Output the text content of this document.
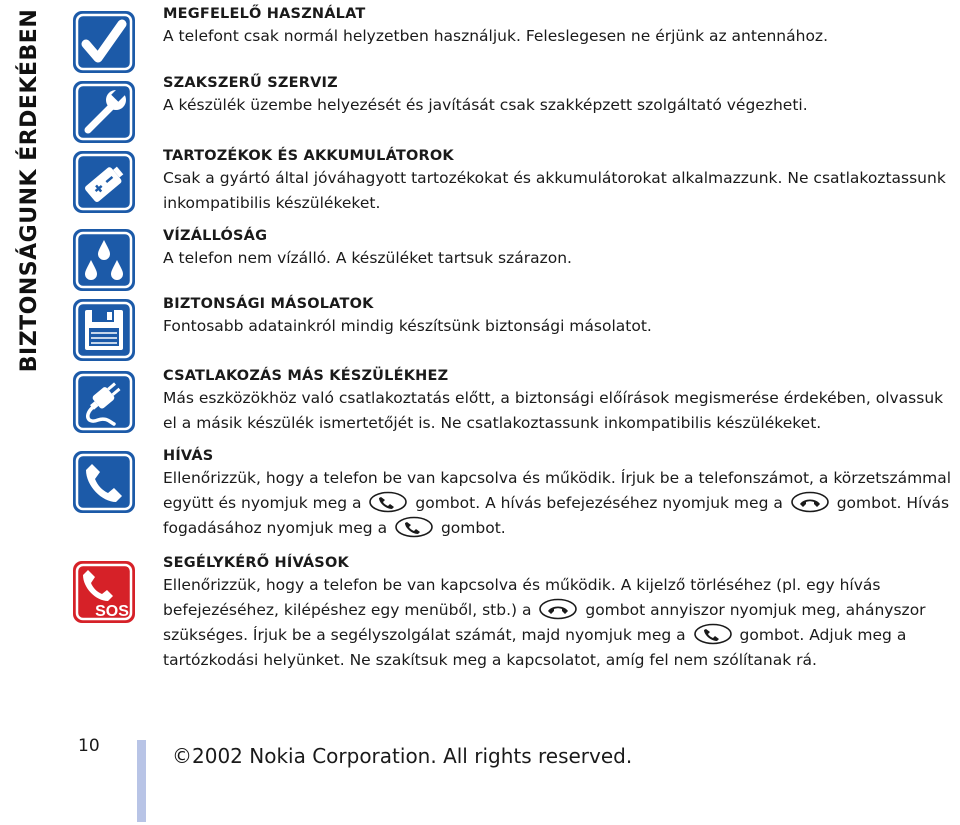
BIZTONSÁGUNK ÉRDEKÉBEN
SOS
MEGFELELŐ HASZNÁLAT

A telefont csak normál helyzetben használjuk. Feleslegesen ne érjünk az antennához.

SZAKSZERŰ SZERVIZ

A készülék üzembe helyezését és javítását csak szakképzett szolgáltató végezheti.

TARTOZÉKOK ÉS AKKUMULÁTOROK

Csak a gyártó által jóváhagyott tartozékokat és akkumulátorokat alkalmazzunk. Ne csatlakoztassunk inkompatibilis készülékeket.

VÍZÁLLÓSÁG

A telefon nem vízálló. A készüléket tartsuk szárazon.

BIZTONSÁGI MÁSOLATOK

Fontosabb adatainkról mindig készítsünk biztonsági másolatot.

CSATLAKOZÁS MÁS KÉSZÜLÉKHEZ

Más eszközökhöz való csatlakoztatás előtt, a biztonsági előírások megismerése érdekében, olvassuk el a másik készülék ismertetőjét is. Ne csatlakoztassunk inkompatibilis készülékeket.

HÍVÁS

Ellenőrizzük, hogy a telefon be van kapcsolva és működik. Írjuk be a telefonszámot, a körzetszámmal együtt és nyomjuk meg a	gombot. A hívás befejezéséhez nyomjuk meg a	gombot. Hívás fogadásához nyomjuk meg a	gombot.

SEGÉLYKÉRŐ HÍVÁSOK

Ellenőrizzük, hogy a telefon be van kapcsolva és működik. A kijelző törléséhez (pl. egy hívás befejezéséhez, kilépéshez egy menüből, stb.) a	gombot annyiszor nyomjuk meg, ahányszor szükséges. Írjuk be a segélyszolgálat számát, majd nyomjuk meg a	gombot. Adjuk meg a tartózkodási helyünket. Ne szakítsuk meg a kapcsolatot, amíg fel nem szólítanak rá.

10	©2002 Nokia Corporation. All rights reserved.
